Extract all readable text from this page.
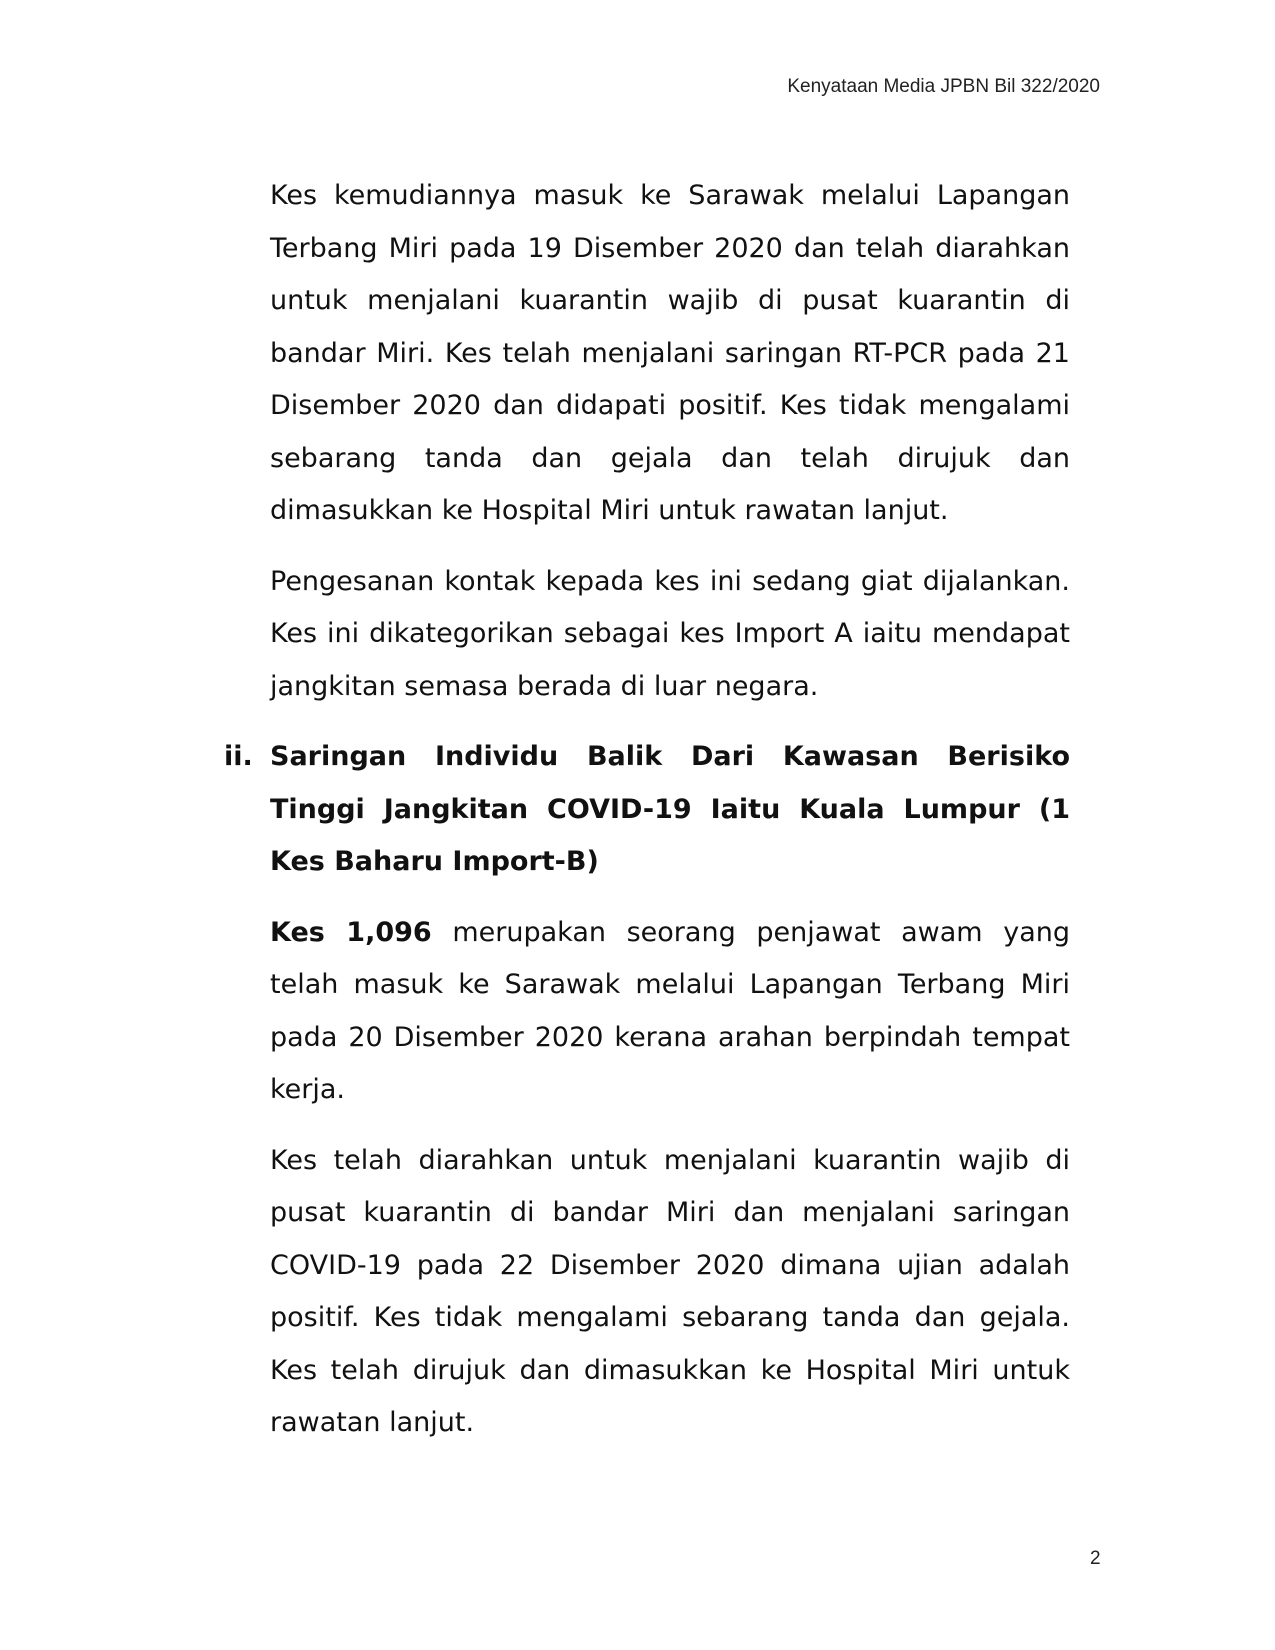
Kenyataan Media JPBN Bil 322/2020

Kes kemudiannya masuk ke Sarawak melalui Lapangan Terbang Miri pada 19 Disember 2020 dan telah diarahkan untuk menjalani kuarantin wajib di pusat kuarantin di bandar Miri. Kes telah menjalani saringan RT-PCR pada 21 Disember 2020 dan didapati positif. Kes tidak mengalami sebarang tanda dan gejala dan telah dirujuk dan dimasukkan ke Hospital Miri untuk rawatan lanjut.

Pengesanan kontak kepada kes ini sedang giat dijalankan. Kes ini dikategorikan sebagai kes Import A iaitu mendapat jangkitan semasa berada di luar negara.

ii. Saringan Individu Balik Dari Kawasan Berisiko Tinggi Jangkitan COVID-19 Iaitu Kuala Lumpur (1 Kes Baharu Import-B)

Kes 1,096 merupakan seorang penjawat awam yang telah masuk ke Sarawak melalui Lapangan Terbang Miri pada 20 Disember 2020 kerana arahan berpindah tempat kerja.

Kes telah diarahkan untuk menjalani kuarantin wajib di pusat kuarantin di bandar Miri dan menjalani saringan COVID-19 pada 22 Disember 2020 dimana ujian adalah positif. Kes tidak mengalami sebarang tanda dan gejala. Kes telah dirujuk dan dimasukkan ke Hospital Miri untuk rawatan lanjut.

2
